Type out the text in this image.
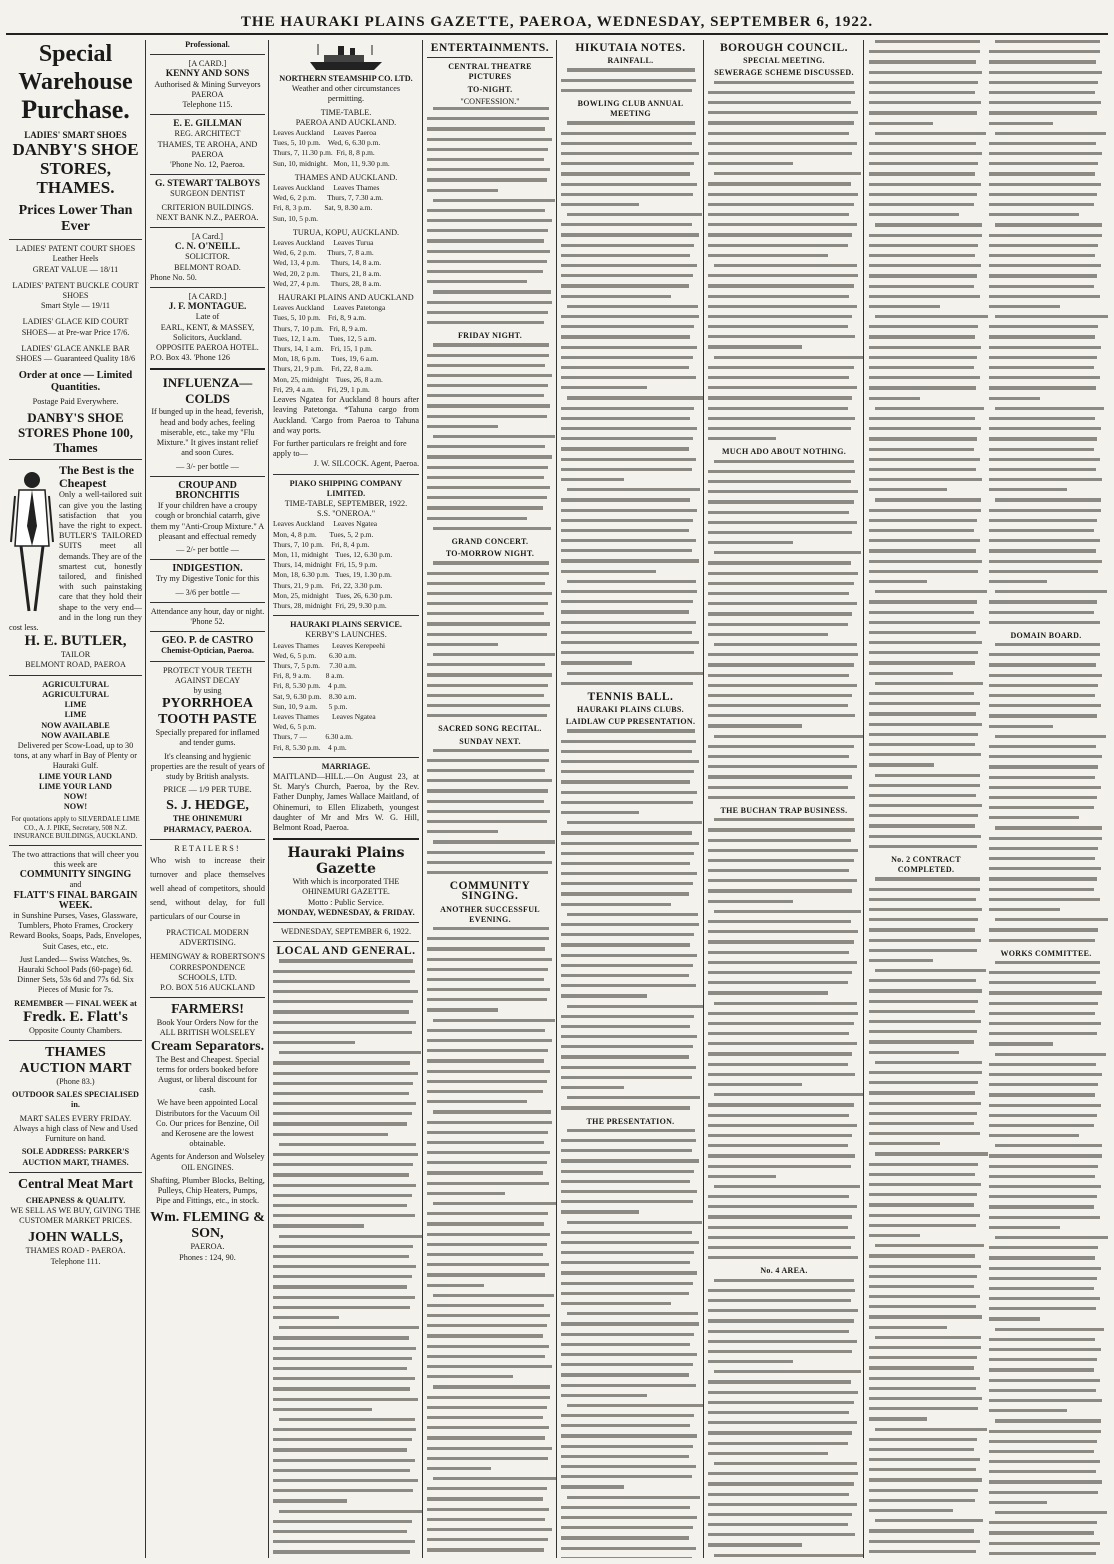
THE HAURAKI PLAINS GAZETTE, PAEROA, WEDNESDAY, SEPTEMBER 6, 1922.
Special Warehouse
Purchase.
LADIES' SMART SHOES
DANBY'S SHOE
STORES,
THAMES.
Prices Lower Than Ever
LADIES' PATENT COURT SHOES
Leather Heels
GREAT VALUE — 18/11
LADIES' PATENT BUCKLE COURT SHOES
Smart Style — 19/11
LADIES' GLACE KID COURT SHOES— at Pre-war Price 17/6.
LADIES' GLACE ANKLE BAR SHOES — Guaranteed Quality 18/6
Order at once — Limited Quantities.
Postage Paid Everywhere.
DANBY'S SHOE STORES Phone 100, Thames
The Best is the Cheapest
Only a well-tailored suit can give you the lasting satisfaction that you have the right to expect. BUTLER'S TAILORED SUITS meet all demands. They are of the smartest cut, honestly tailored, and finished with such painstaking care that they hold their shape to the very end—and in the long run they cost less.
H. E. BUTLER,
TAILOR
BELMONT ROAD, PAEROA
AGRICULTURAL
AGRICULTURAL
LIME
LIME
NOW AVAILABLE
NOW AVAILABLE
Delivered per Scow-Load, up to 30 tons, at any wharf in Bay of Plenty or Hauraki Gulf.
LIME YOUR LAND
LIME YOUR LAND
NOW!
NOW!
For quotations apply to SILVERDALE LIME CO., A. J. PIKE, Secretary, 508 N.Z. INSURANCE BUILDINGS, AUCKLAND.
The two attractions that will cheer you this week are
COMMUNITY SINGING
and
FLATT'S FINAL BARGAIN WEEK.
in Sunshine Purses, Vases, Glassware, Tumblers, Photo Frames, Crockery Reward Books, Soaps, Pads, Envelopes, Suit Cases, etc., etc.
Just Landed— Swiss Watches, 9s. Hauraki School Pads (60-page) 6d. Dinner Sets, 53s 6d and 77s 6d. Six Pieces of Music for 7s.
REMEMBER — FINAL WEEK at
Fredk. E. Flatt's
Opposite County Chambers.
THAMES
AUCTION MART
(Phone 83.)
OUTDOOR SALES SPECIALISED in.
MART SALES EVERY FRIDAY. Always a high class of New and Used Furniture on hand.
SOLE ADDRESS: PARKER'S AUCTION MART, THAMES.
Central Meat Mart
CHEAPNESS & QUALITY.
WE SELL AS WE BUY, GIVING THE CUSTOMER MARKET PRICES.
JOHN WALLS,
THAMES ROAD - PAEROA.
Telephone 111.
Professional.
[A CARD.]
KENNY AND SONS
Authorised & Mining Surveyors
PAEROA
Telephone 115.
E. E. GILLMAN
REG. ARCHITECT
THAMES, TE AROHA, AND PAEROA
'Phone No. 12, Paeroa.
G. STEWART TALBOYS
SURGEON DENTIST
CRITERION BUILDINGS. NEXT BANK N.Z., PAEROA.
[A Card.]
C. N. O'NEILL.
SOLICITOR.
BELMONT ROAD.
Phone No. 50.
[A CARD.]
J. F. MONTAGUE.
Late of
EARL, KENT, & MASSEY, Solicitors, Auckland.
OPPOSITE PAEROA HOTEL.
P.O. Box 43. 'Phone 126
INFLUENZA—COLDS
If bunged up in the head, feverish, head and body aches, feeling miserable, etc., take my "Flu Mixture." It gives instant relief and soon Cures.
— 3/- per bottle —
CROUP AND BRONCHITIS
If your children have a croupy cough or bronchial catarrh, give them my "Anti-Croup Mixture." A pleasant and effectual remedy
— 2/- per bottle —
INDIGESTION.
Try my Digestive Tonic for this
— 3/6 per bottle —
Attendance any hour, day or night.
'Phone 52.
GEO. P. de CASTRO
Chemist-Optician, Paeroa.
PROTECT YOUR TEETH AGAINST DECAY
by using
PYORRHOEA
TOOTH PASTE
Specially prepared for inflamed and tender gums.
It's cleansing and hygienic properties are the result of years of study by British analysts.
PRICE — 1/9 PER TUBE.
S. J. HEDGE,
THE OHINEMURI PHARMACY, PAEROA.
RETAILERS!
Who wish to increase their turnover and place themselves well ahead of competitors, should send, without delay, for full particulars of our Course in
PRACTICAL MODERN ADVERTISING.
HEMINGWAY & ROBERTSON'S CORRESPONDENCE SCHOOLS, LTD.
P.O. BOX 516 AUCKLAND
FARMERS!
Book Your Orders Now for the ALL BRITISH WOLSELEY
Cream Separators.
The Best and Cheapest. Special terms for orders booked before August, or liberal discount for cash.
We have been appointed Local Distributors for the Vacuum Oil Co. Our prices for Benzine, Oil and Kerosene are the lowest obtainable.
Agents for Anderson and Wolseley OIL ENGINES.
Shafting, Plumber Blocks, Belting, Pulleys, Chip Heaters, Pumps, Pipe and Fittings, etc., in stock.
Wm. FLEMING & SON,
PAEROA.
Phones : 124, 90.
NORTHERN STEAMSHIP CO. LTD.
Weather and other circumstances permitting.
TIME-TABLE.
PAEROA AND AUCKLAND.
Leaves Auckland     Leaves Paeroa
Tues, 5, 10 p.m.    Wed, 6, 6.30 p.m.
Thurs, 7, 11.30 p.m.  Fri, 8, 8 p.m.
Sun, 10, midnight.   Mon, 11, 9.30 p.m.
THAMES AND AUCKLAND.
Leaves Auckland     Leaves Thames
Wed, 6, 2 p.m.      Thurs, 7, 7.30 a.m.
Fri, 8, 3 p.m.       Sat, 9, 8.30 a.m.
Sun, 10, 5 p.m.
TURUA, KOPU, AUCKLAND.
Leaves Auckland     Leaves Turua
Wed, 6, 2 p.m.      Thurs, 7, 8 a.m.
Wed, 13, 4 p.m.      Thurs, 14, 8 a.m.
Wed, 20, 2 p.m.      Thurs, 21, 8 a.m.
Wed, 27, 4 p.m.      Thurs, 28, 8 a.m.
HAURAKI PLAINS AND AUCKLAND
Leaves Auckland     Leaves Patetonga
Tues, 5, 10 p.m.    Fri, 8, 9 a.m.
Thurs, 7, 10 p.m.   Fri, 8, 9 a.m.
Tues, 12, 1 a.m.     Tues, 12, 5 a.m.
Thurs, 14, 1 a.m.    Fri, 15, 1 p.m.
Mon, 18, 6 p.m.      Tues, 19, 6 a.m.
Thurs, 21, 9 p.m.    Fri, 22, 8 a.m.
Mon, 25, midnight    Tues, 26, 8 a.m.
Fri, 29, 4 a.m.       Fri, 29, 1 p.m.
Leaves Ngatea for Auckland 8 hours after leaving Patetonga. *Tahuna cargo from Auckland. 'Cargo from Paeroa to Tahuna and way ports.
For further particulars re freight and fore apply to—
J. W. SILCOCK. Agent, Paeroa.
PIAKO SHIPPING COMPANY LIMITED.
TIME-TABLE, SEPTEMBER, 1922.
S.S. "ONEROA."
Leaves Auckland     Leaves Ngatea
Mon, 4, 8 p.m.       Tues, 5, 2 p.m.
Thurs, 7, 10 p.m.    Fri, 8, 4 p.m.
Mon, 11, midnight    Tues, 12, 6.30 p.m.
Thurs, 14, midnight  Fri, 15, 9 p.m.
Mon, 18, 6.30 p.m.   Tues, 19, 1.30 p.m.
Thurs, 21, 9 p.m.    Fri, 22, 3.30 p.m.
Mon, 25, midnight    Tues, 26, 6.30 p.m.
Thurs, 28, midnight  Fri, 29, 9.30 p.m.
HAURAKI PLAINS SERVICE.
KERBY'S LAUNCHES.
Leaves Thames       Leaves Kerepeehi
Wed, 6, 5 p.m.       6.30 a.m.
Thurs, 7, 5 p.m.     7.30 a.m.
Fri, 8, 9 a.m.        8 a.m.
Fri, 8, 5.30 p.m.    4 p.m.
Sat, 9, 6.30 p.m.    8.30 a.m.
Sun, 10, 9 a.m.      5 p.m.
Leaves Thames       Leaves Ngatea
Wed, 6, 5 p.m.
Thurs, 7 —          6.30 a.m.
Fri, 8, 5.30 p.m.    4 p.m.
MARRIAGE.
MAITLAND—HILL.—On August 23, at St. Mary's Church, Paeroa, by the Rev. Father Dunphy, James Wallace Maitland, of Ohinemuri, to Ellen Elizabeth, youngest daughter of Mr and Mrs W. G. Hill, Belmont Road, Paeroa.
Hauraki Plains Gazette
With which is incorporated THE OHINEMURI GAZETTE.
Motto : Public Service.
MONDAY, WEDNESDAY, & FRIDAY.
WEDNESDAY, SEPTEMBER 6, 1922.
LOCAL AND GENERAL.
ENTERTAINMENTS.
CENTRAL THEATRE PICTURES
TO-NIGHT.
"CONFESSION."
FRIDAY NIGHT.
GRAND CONCERT.
TO-MORROW NIGHT.
SACRED SONG RECITAL.
SUNDAY NEXT.
COMMUNITY SINGING.
ANOTHER SUCCESSFUL EVENING.
HIKUTAIA NOTES.
RAINFALL.
BOWLING CLUB ANNUAL MEETING
TENNIS BALL.
HAURAKI PLAINS CLUBS.
LAIDLAW CUP PRESENTATION.
THE PRESENTATION.
BOROUGH COUNCIL.
SPECIAL MEETING.
SEWERAGE SCHEME DISCUSSED.
MUCH ADO ABOUT NOTHING.
THE BUCHAN TRAP BUSINESS.
No. 4 AREA.
No. 2 CONTRACT COMPLETED.
DOMAIN BOARD.
WORKS COMMITTEE.
